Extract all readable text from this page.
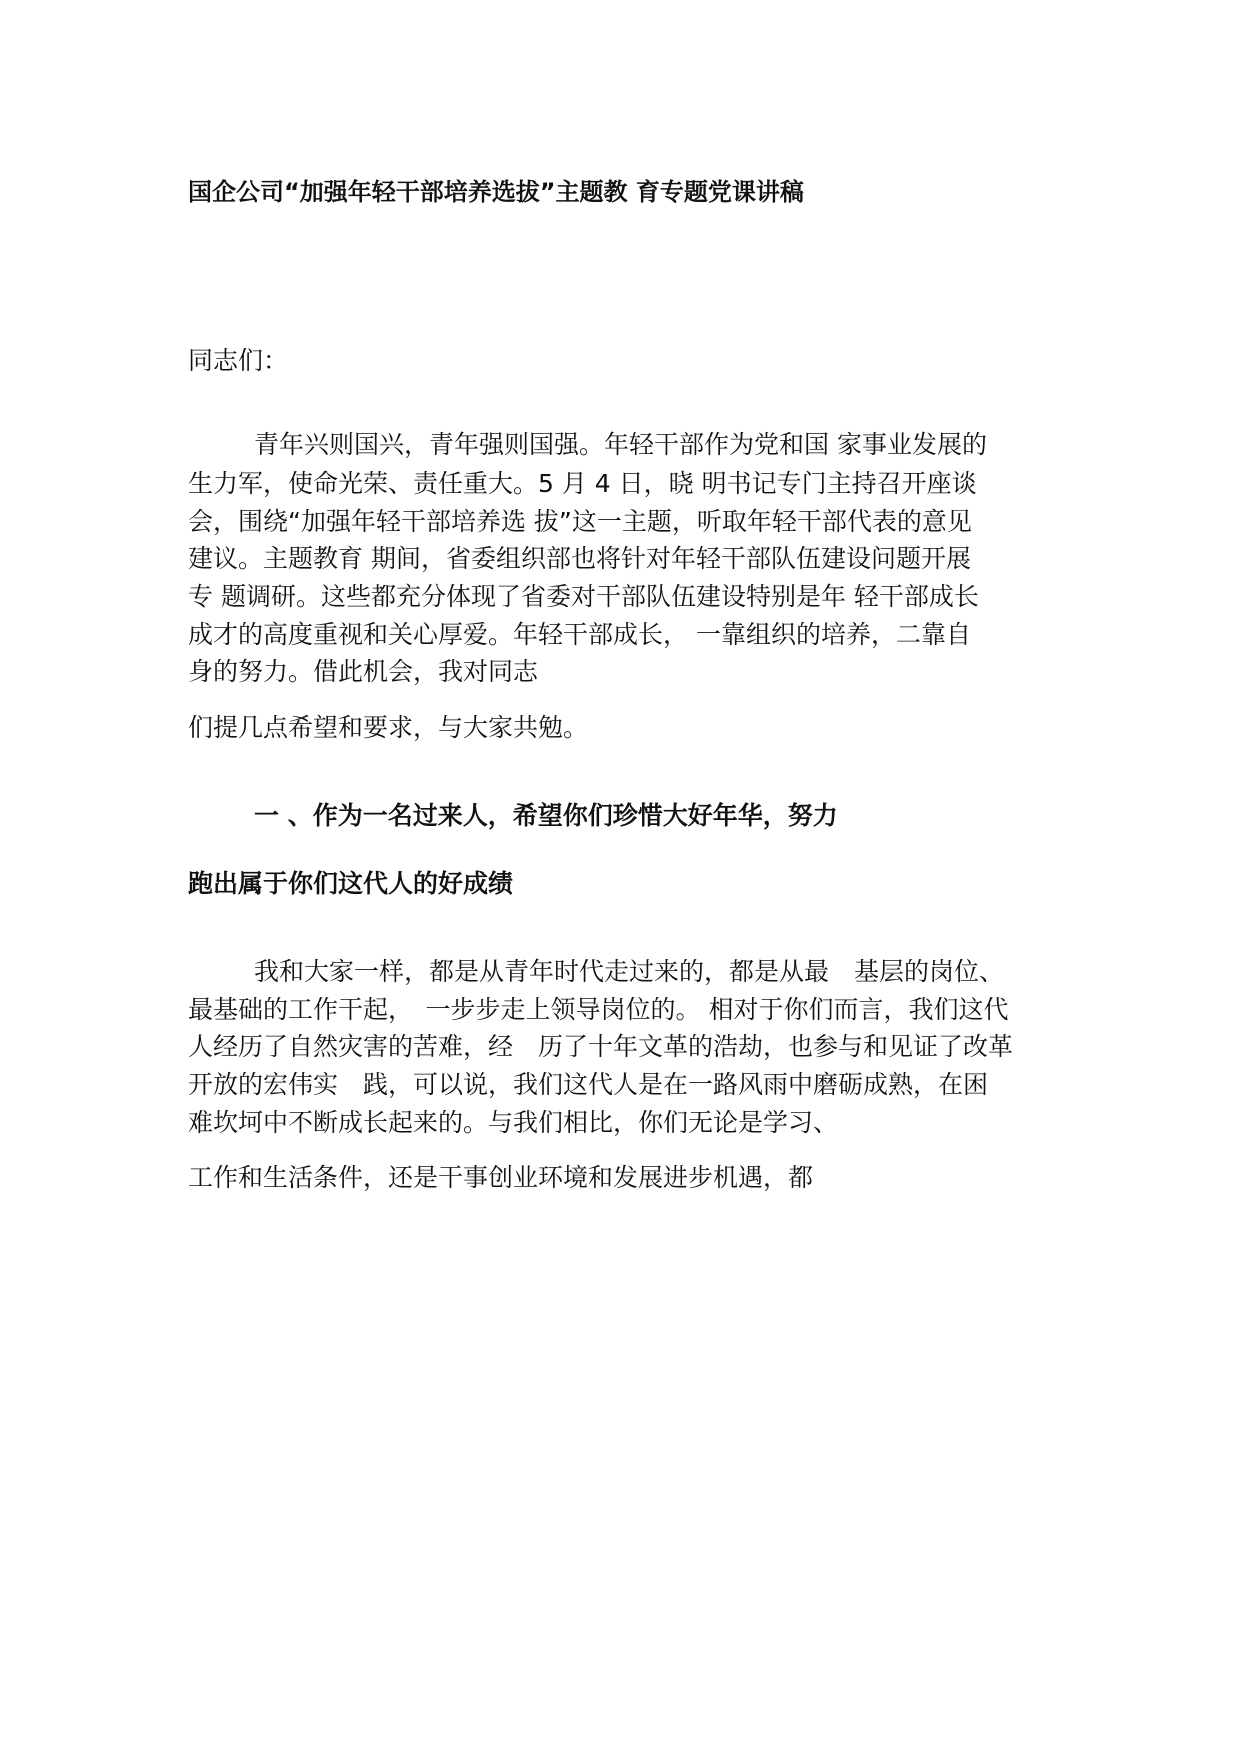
国企公司“加强年轻干部培养选拔”主题教 育专题党课讲稿
同志们：
青年兴则国兴，青年强则国强。年轻干部作为党和国 家事业发展的
生力军，使命光荣、责任重大。5 月 4 日，晓 明书记专门主持召开座谈
会，围绕“加强年轻干部培养选 拔”这一主题，听取年轻干部代表的意见
建议。主题教育 期间，省委组织部也将针对年轻干部队伍建设问题开展
专 题调研。这些都充分体现了省委对干部队伍建设特别是年 轻干部成长
成才的高度重视和关心厚爱。年轻干部成长， 一靠组织的培养，二靠自
身的努力。借此机会，我对同志
们提几点希望和要求，与大家共勉。
一 、作为一名过来人，希望你们珍惜大好年华，努力
跑出属于你们这代人的好成绩
我和大家一样，都是从青年时代走过来的，都是从最　基层的岗位、
最基础的工作干起，　一步步走上领导岗位的。 相对于你们而言，我们这代
人经历了自然灾害的苦难，经　历了十年文革的浩劫，也参与和见证了改革
开放的宏伟实　践，可以说，我们这代人是在一路风雨中磨砺成熟，在困
难坎坷中不断成长起来的。与我们相比，你们无论是学习、
工作和生活条件，还是干事创业环境和发展进步机遇，都
